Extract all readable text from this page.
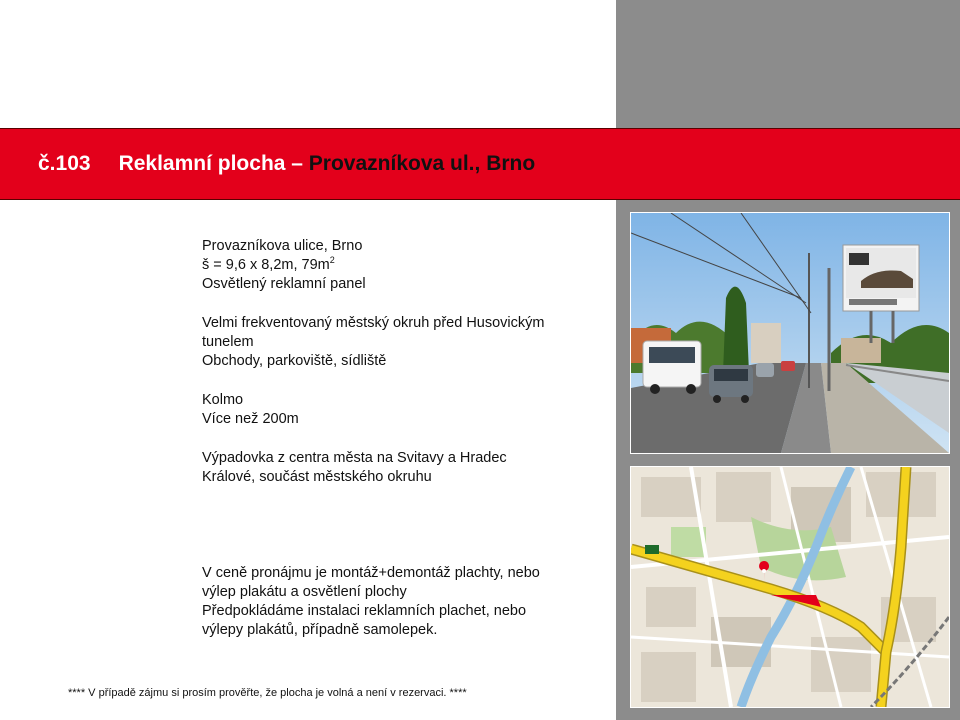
č.103 Reklamní plocha – Provazníkova ul., Brno
Provazníkova ulice, Brno
š = 9,6 x 8,2m, $79m^2$
Osvětlený reklamní panel
Velmi frekventovaný městský okruh před Husovickým
tunelem
Obchody, parkoviště, sídliště
Kolmo
Více než 200m
Výpadovka z centra města na Svitavy a Hradec
Králové, součást městského okruhu
V ceně pronájmu je montáž+demontáž plachty, nebo
výlep plakátu a osvětlení plochy
Předpokládáme instalaci reklamních plachet, nebo
výlepy plakátů, případně samolepek.
**** V případě zájmu si prosím prověřte, že plocha je volná a není v rezervaci. ****
